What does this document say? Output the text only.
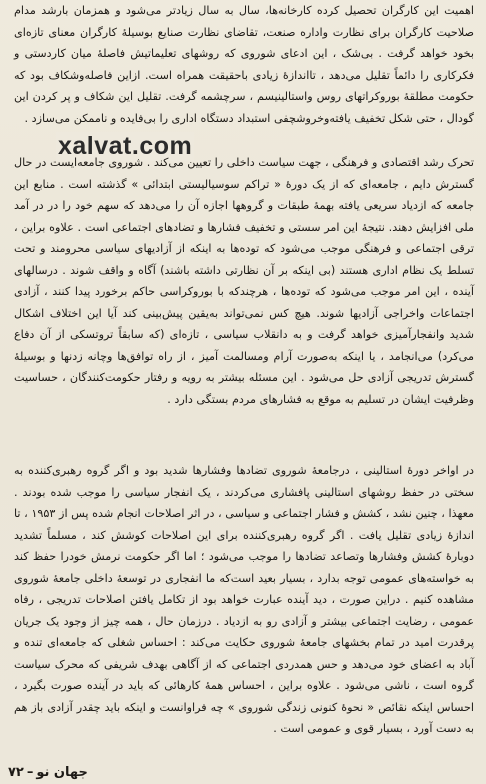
اهمیت این کارگران تحصیل کرده کارخانه‌ها، سال به سال زیادتر می‌شود و همزمان بارشد مدام صلاحیت کارگران برای نظارت واداره صنعت، تقاضای نظارت صنایع بوسیلهٔ کارگران معنای تازه‌ای بخود خواهد گرفت . بی‌شک ، این ادعای شوروی که روشهای تعلیماتیش فاصلهٔ میان کاردستی و فکرکاری را دائماً تقلیل می‌دهد ، تااندازهٔ زیادی باحقیقت همراه است. ازاین فاصله‌وشکاف بود که حکومت مطلقهٔ بوروکراتهای روس واستالینیسم ، سرچشمه گرفت. تقلیل این شکاف و پر کردن این گودال ، حتی شکل تخفیف یافته‌وخروشچفی استبداد دستگاه اداری را بی‌فایده و ناممکن می‌سازد .
xalvat.com
تحرک رشد اقتصادی و فرهنگی ، جهت سیاست داخلی را تعیین می‌کند . شوروی جامعه‌ایست در حال گسترش دایم ، جامعه‌ای که از یک دورهٔ « تراکم سوسیالیستی ابتدائی » گذشته است . منابع این جامعه که ازدیاد سریعی یافته بهمهٔ طبقات و گروهها اجازه آن را می‌دهد که سهم خود را در در آمد ملی افزایش دهند. نتیجهٔ این امر سستی و تخفیف فشارها و تضادهای اجتماعی است . علاوه براین ، ترقی اجتماعی و فرهنگی موجب می‌شود که توده‌ها به اینکه از آزادیهای سیاسی محرومند و تحت تسلط یک نظام اداری هستند (بی اینکه بر آن نظارتی داشته باشند) آگاه و واقف شوند . درسالهای آینده ، این امر موجب می‌شود که توده‌ها ، هرچندکه با بوروکراسی حاکم برخورد پیدا کنند ، آزادی اجتماعات واخراجی آزادیها شوند. هیچ کس نمی‌تواند به‌یقین پیش‌بینی کند آیا این اختلاف اشکال شدید وانفجارآمیزی خواهد گرفت و به دانقلاب سیاسی ، تازه‌ای (که سابقاً تروتسکی از آن دفاع می‌کرد) می‌انجامد ، یا اینکه به‌صورت آرام ومسالمت آمیز ، از راه توافق‌ها وچانه زدنها و بوسیلهٔ گسترش تدریجی آزادی حل می‌شود . این مسئله بیشتر به رویه و رفتار حکومت‌کنندگان ، حساسیت وظرفیت ایشان در تسلیم به موقع به فشارهای مردم بستگی دارد .
در اواخر دورهٔ استالینی ، درجامعهٔ شوروی تضادها وفشارها شدید بود و اگر گروه رهبری‌کننده به سختی در حفظ روشهای استالینی پافشاری می‌کردند ، یک انفجار سیاسی را موجب شده بودند . معهذا ، چنین نشد ، کشش و فشار اجتماعی و سیاسی ، در اثر اصلاحات انجام شده پس از ۱۹۵۳ ، تا اندازهٔ زیادی تقلیل یافت . اگر گروه رهبری‌کننده برای این اصلاحات کوشش کند ، مسلماً تشدید دوبارهٔ کشش وفشارها وتصاعد تضادها را موجب می‌شود ؛ اما اگر حکومت نرمش خودرا حفظ کند به خواسته‌های عمومی توجه بدارد ، بسیار بعید است‌که ما انفجاری در توسعهٔ داخلی جامعهٔ شوروی مشاهده کنیم . دراین صورت ، دید آینده عبارت خواهد بود از تکامل یافتن اصلاحات تدریجی ، رفاه عمومی ، رضایت اجتماعی بیشتر و آزادی رو به ازدیاد . درزمان حال ، همه چیز از وجود یک جریان پرقدرت امید در تمام بخشهای جامعهٔ شوروی حکایت می‌کند : احساس شغلی که جامعه‌ای تنده و آباد به اعضای خود می‌دهد و حس همدردی اجتماعی که از آگاهی بهدف شریفی که محرک سیاست گروه است ، ناشی می‌شود . علاوه براین ، احساس همهٔ کارهائی که باید در آینده صورت بگیرد ، احساس اینکه نقائص « نحوهٔ کنونی زندگی شوروی » چه فراوانست و اینکه باید چقدر آزادی باز هم به دست آورد ، بسیار قوی و عمومی است .
جهان نو–۷۲
